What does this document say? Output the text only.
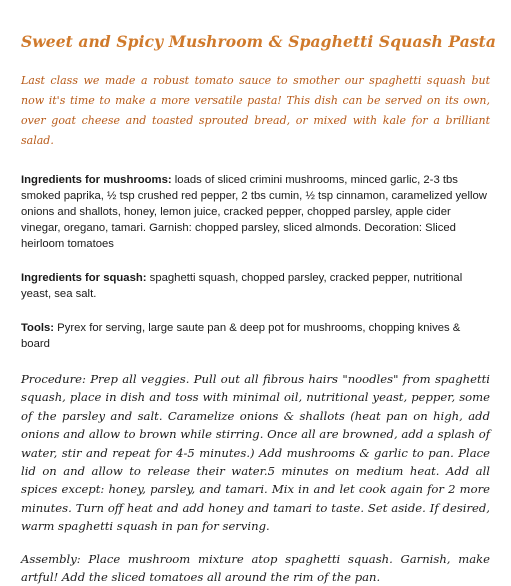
Sweet and Spicy Mushroom & Spaghetti Squash Pasta

Last class we made a robust tomato sauce to smother our spaghetti squash but now it's time to make a more versatile pasta! This dish can be served on its own, over goat cheese and toasted sprouted bread, or mixed with kale for a brilliant salad.

Ingredients for mushrooms: loads of sliced crimini mushrooms, minced garlic, 2-3 tbs smoked paprika, ½ tsp crushed red pepper, 2 tbs cumin, ½ tsp cinnamon, caramelized yellow onions and shallots, honey, lemon juice, cracked pepper, chopped parsley, apple cider vinegar, oregano, tamari. Garnish: chopped parsley, sliced almonds. Decoration: Sliced heirloom tomatoes

Ingredients for squash: spaghetti squash, chopped parsley, cracked pepper, nutritional yeast, sea salt.

Tools: Pyrex for serving, large saute pan & deep pot for mushrooms, chopping knives & board

Procedure: Prep all veggies. Pull out all fibrous hairs "noodles" from spaghetti squash, place in dish and toss with minimal oil, nutritional yeast, pepper, some of the parsley and salt. Caramelize onions & shallots (heat pan on high, add onions and allow to brown while stirring. Once all are browned, add a splash of water, stir and repeat for 4-5 minutes.) Add mushrooms & garlic to pan. Place lid on and allow to release their water.5 minutes on medium heat. Add all spices except: honey, parsley, and tamari. Mix in and let cook again for 2 more minutes. Turn off heat and add honey and tamari to taste. Set aside. If desired, warm spaghetti squash in pan for serving.

Assembly: Place mushroom mixture atop spaghetti squash. Garnish, make artful! Add the sliced tomatoes all around the rim of the pan.
